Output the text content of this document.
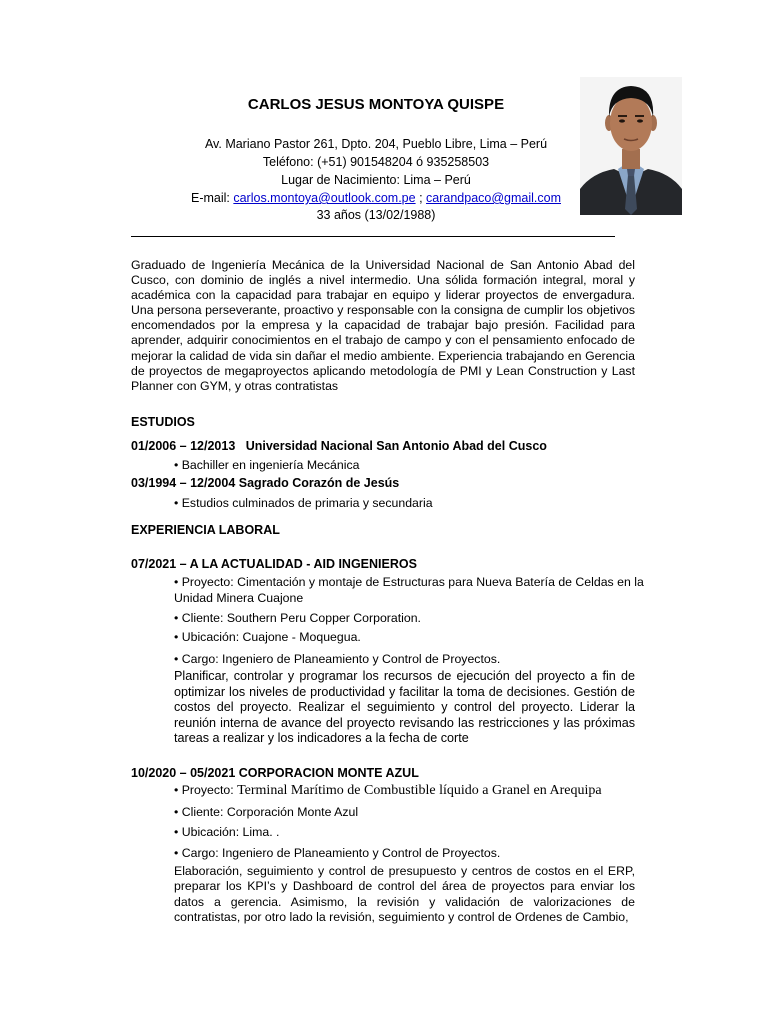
CARLOS JESUS MONTOYA QUISPE
Av. Mariano Pastor 261, Dpto. 204, Pueblo Libre, Lima – Perú
Teléfono: (+51) 901548204 ó 935258503
Lugar de Nacimiento: Lima – Perú
E-mail: carlos.montoya@outlook.com.pe ; carandpaco@gmail.com
33 años (13/02/1988)
Graduado de Ingeniería Mecánica de la Universidad Nacional de San Antonio Abad del Cusco, con dominio de inglés a nivel intermedio. Una sólida formación integral, moral y académica con la capacidad para trabajar en equipo y liderar proyectos de envergadura. Una persona perseverante, proactivo y responsable con la consigna de cumplir los objetivos encomendados por la empresa y la capacidad de trabajar bajo presión. Facilidad para aprender, adquirir conocimientos en el trabajo de campo y con el pensamiento enfocado de mejorar la calidad de vida sin dañar el medio ambiente. Experiencia trabajando en Gerencia de proyectos de megaproyectos aplicando metodología de PMI y Lean Construction y Last Planner con GYM, y otras contratistas
ESTUDIOS
01/2006 – 12/2013 Universidad Nacional San Antonio Abad del Cusco
• Bachiller en ingeniería Mecánica
03/1994 – 12/2004 Sagrado Corazón de Jesús
• Estudios culminados de primaria y secundaria
EXPERIENCIA LABORAL
07/2021 – A LA ACTUALIDAD - AID INGENIEROS
• Proyecto: Cimentación y montaje de Estructuras para Nueva Batería de Celdas en la Unidad Minera Cuajone
• Cliente: Southern Peru Copper Corporation.
• Ubicación: Cuajone - Moquegua.
• Cargo: Ingeniero de Planeamiento y Control de Proyectos.
Planificar, controlar y programar los recursos de ejecución del proyecto a fin de optimizar los niveles de productividad y facilitar la toma de decisiones. Gestión de costos del proyecto. Realizar el seguimiento y control del proyecto. Liderar la reunión interna de avance del proyecto revisando las restricciones y las próximas tareas a realizar y los indicadores a la fecha de corte
10/2020 – 05/2021 CORPORACION MONTE AZUL
• Proyecto: Terminal Marítimo de Combustible líquido a Granel en Arequipa
• Cliente: Corporación Monte Azul
• Ubicación: Lima. .
• Cargo: Ingeniero de Planeamiento y Control de Proyectos.
Elaboración, seguimiento y control de presupuesto y centros de costos en el ERP, preparar los KPI’s y Dashboard de control del área de proyectos para enviar los datos a gerencia. Asimismo, la revisión y validación de valorizaciones de contratistas, por otro lado la revisión, seguimiento y control de Ordenes de Cambio,
